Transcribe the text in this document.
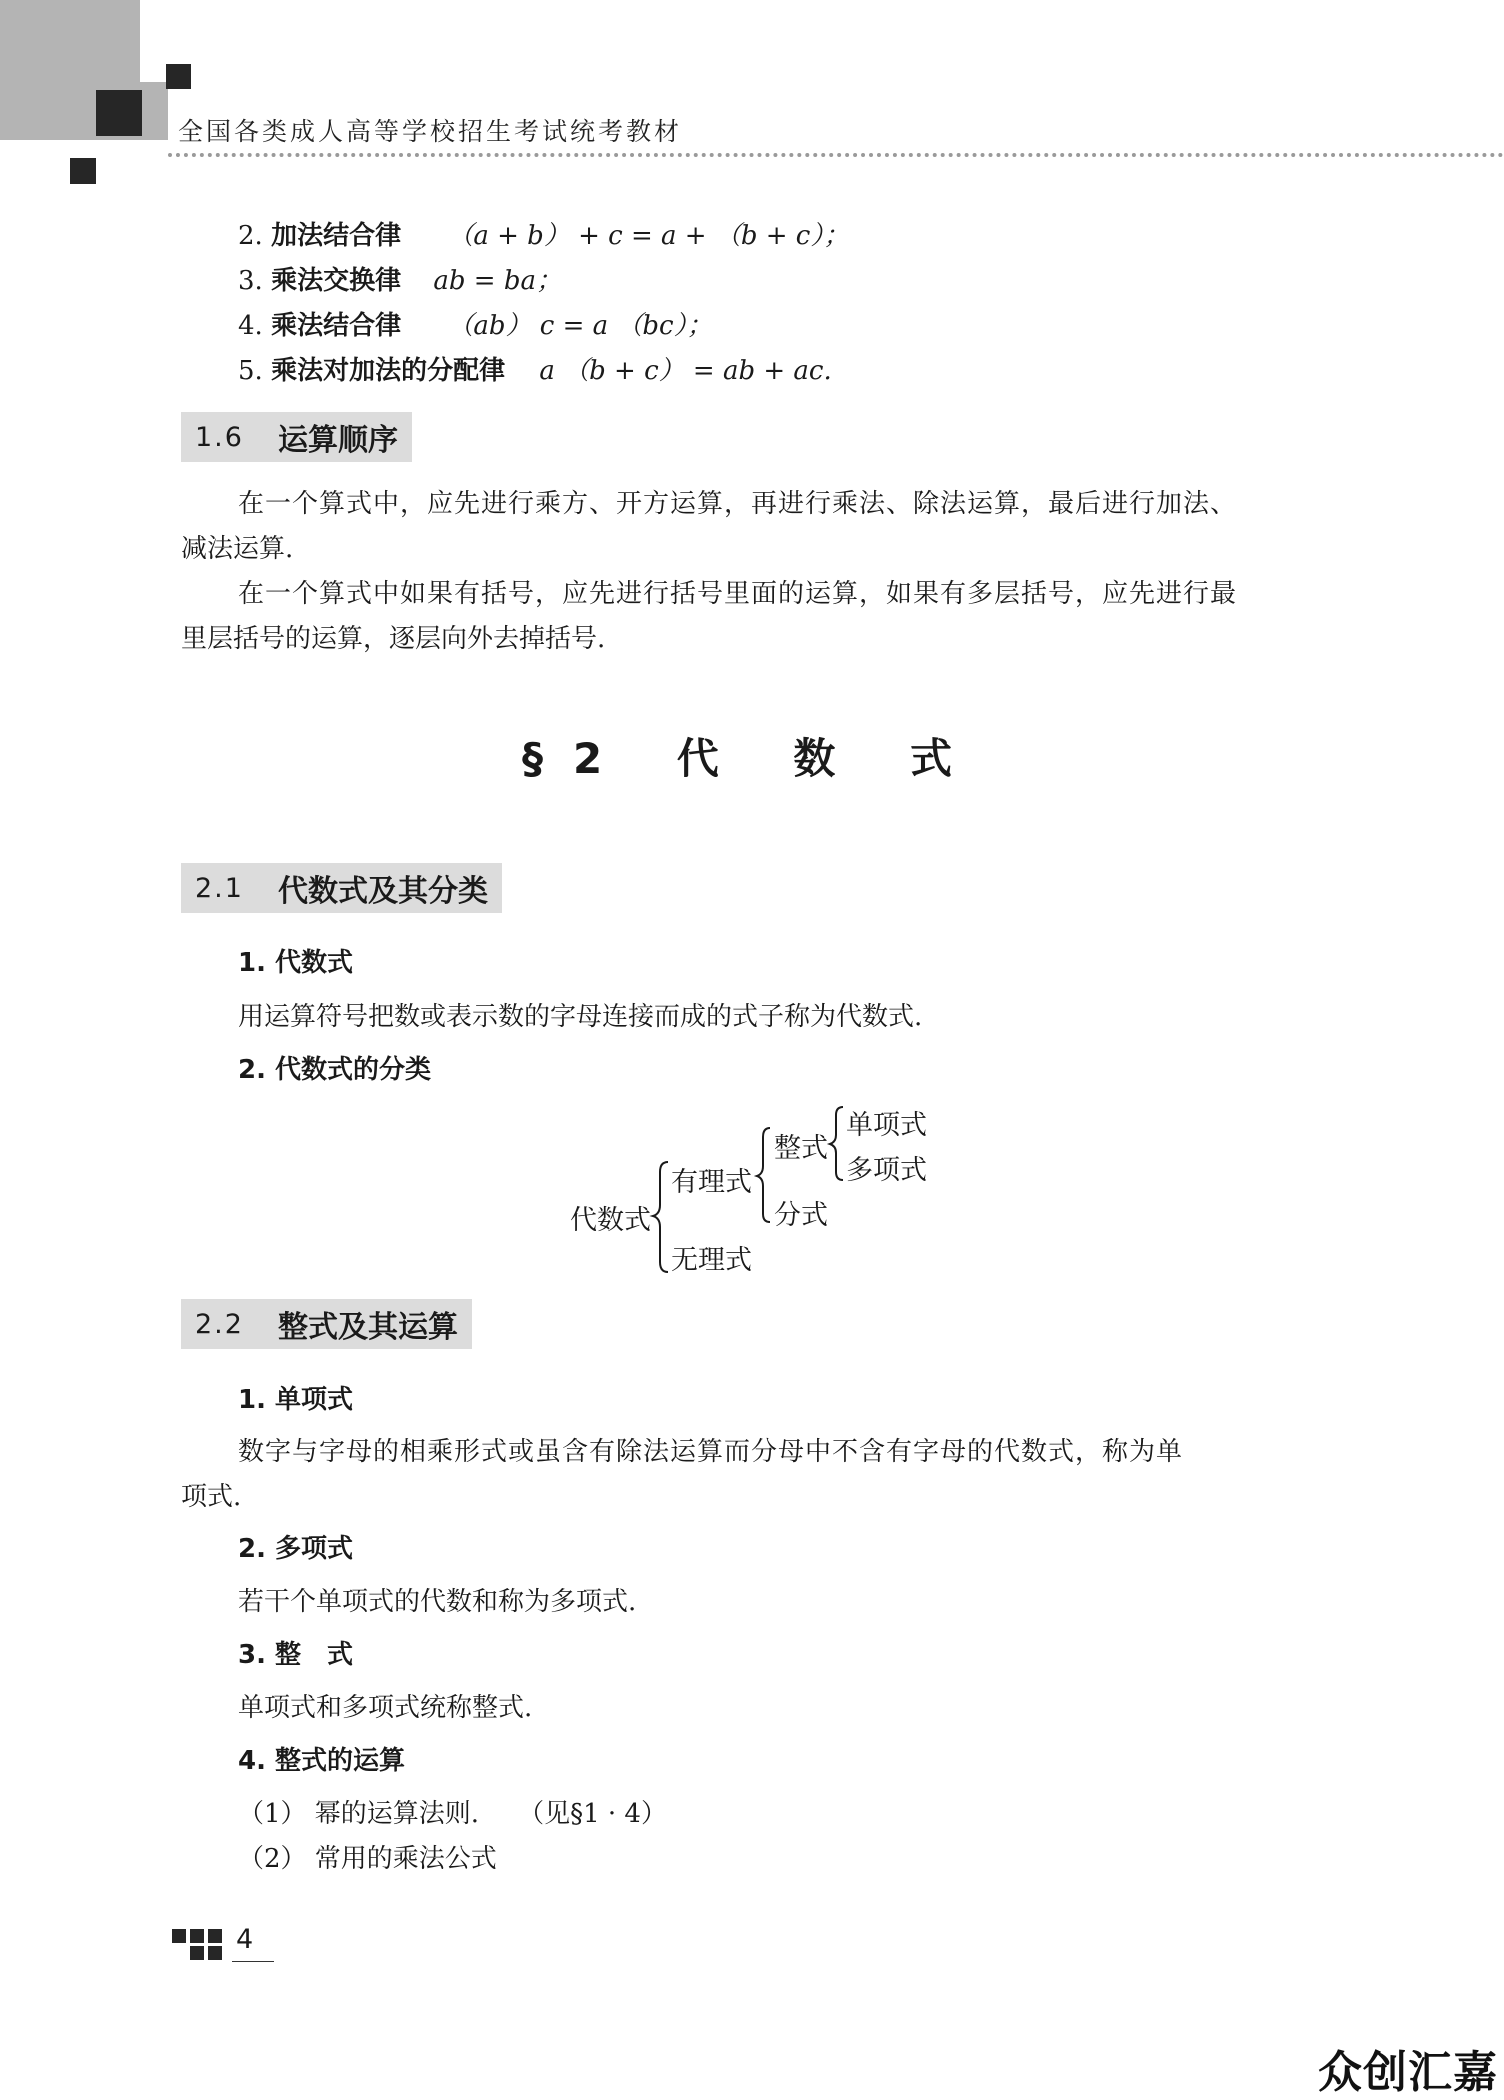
全国各类成人高等学校招生考试统考教材
2. 加法结合律 （a + b） + c = a + （b + c）；
3. 乘法交换律 ab = ba；
4. 乘法结合律 （ab） c = a （bc）；
5. 乘法对加法的分配律 a （b + c） = ab + ac.
1.6 运算顺序
在一个算式中，应先进行乘方、开方运算，再进行乘法、除法运算，最后进行加法、
减法运算.
在一个算式中如果有括号，应先进行括号里面的运算，如果有多层括号，应先进行最
里层括号的运算，逐层向外去掉括号.
§2 代 数 式
2.1 代数式及其分类
1. 代数式
用运算符号把数或表示数的字母连接而成的式子称为代数式.
2. 代数式的分类
代数式
有理式
无理式
整式
分式
单项式
多项式
2.2 整式及其运算
1. 单项式
数字与字母的相乘形式或虽含有除法运算而分母中不含有字母的代数式，称为单
项式.
2. 多项式
若干个单项式的代数和称为多项式.
3. 整　式
单项式和多项式统称整式.
4. 整式的运算
（1） 幂的运算法则.　　（见§1 · 4）
（2） 常用的乘法公式
4
众创汇嘉
